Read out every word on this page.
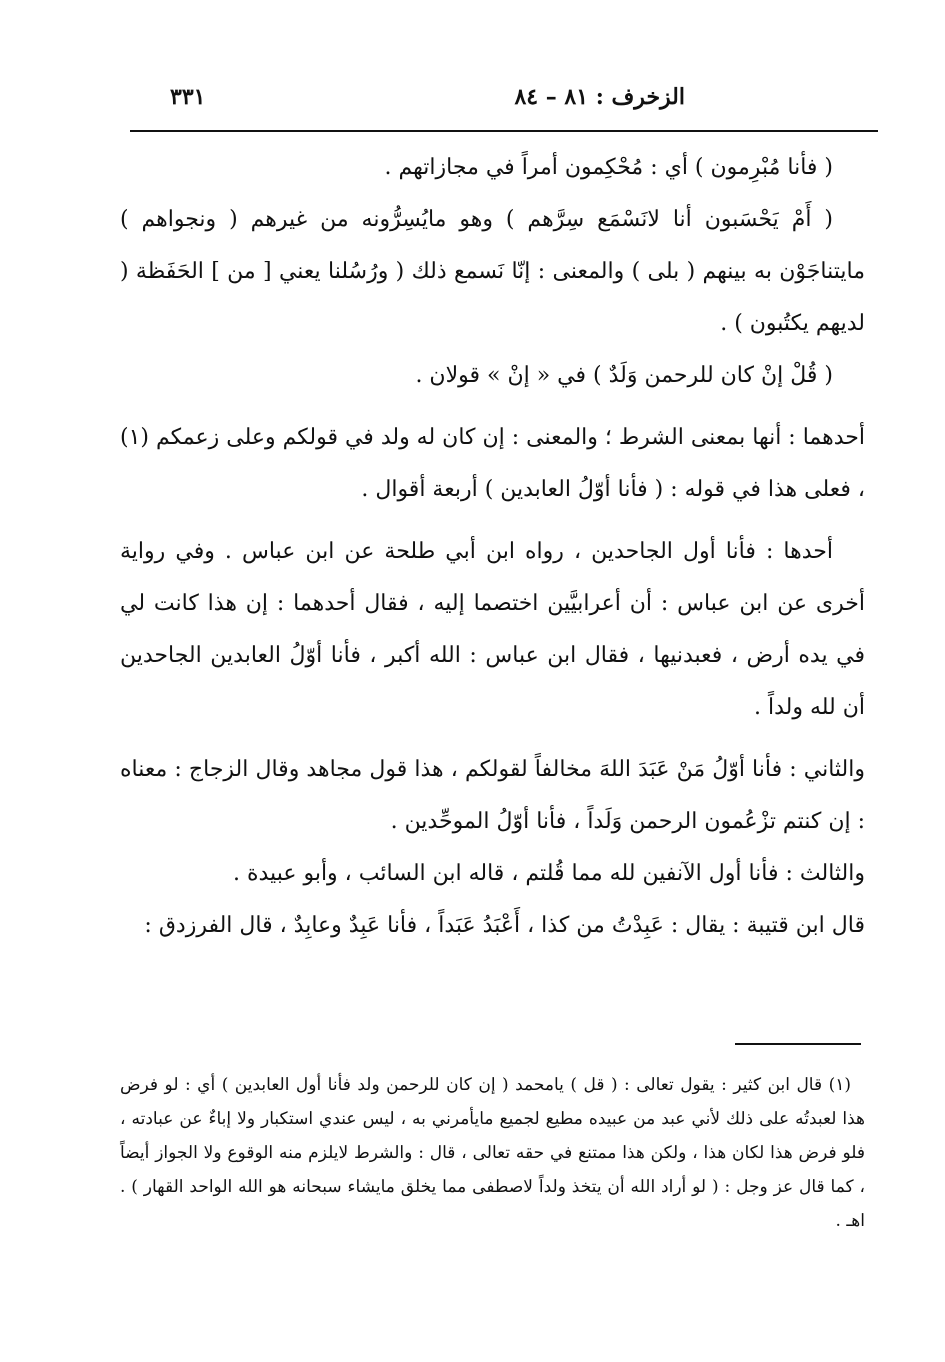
الزخرف : ٨١ – ٨٤
٣٣١

( فأنا مُبْرِمون ) أي : مُحْكِمون أمراً في مجازاتهم .

( أَمْ يَحْسَبون أنا لانَسْمَع سِرَّهم ) وهو مايُسِرُّونه من غيرهم ( ونجواهم ) مايتناجَوْن به بينهم ( بلى ) والمعنى : إنّا نَسمع ذلك ( ورُسُلنا يعني [ من ] الحَفَظة ( لديهم يكتُبون ) .

( قُلْ إنْ كان للرحمن وَلَدٌ ) في « إنْ » قولان .

أحدهما : أنها بمعنى الشرط ؛ والمعنى : إن كان له ولد في قولكم وعلى زعمكم (١) ، فعلى هذا في قوله : ( فأنا أوّلُ العابدين ) أربعة أقوال .

أحدها : فأنا أول الجاحدين ، رواه ابن أبي طلحة عن ابن عباس . وفي رواية أخرى عن ابن عباس : أن أعرابيَّين اختصما إليه ، فقال أحدهما : إن هذا كانت لي في يده أرض ، فعبدنيها ، فقال ابن عباس : الله أكبر ، فأنا أوّلُ العابدين الجاحدين أن لله ولداً .

والثاني : فأنا أوّلُ مَنْ عَبَدَ اللهَ مخالفاً لقولكم ، هذا قول مجاهد وقال الزجاج : معناه : إن كنتم تزْعُمون الرحمن وَلَداً ، فأنا أوّلُ الموحِّدين .

والثالث : فأنا أول الآنفين لله مما قُلتم ، قاله ابن السائب ، وأبو عبيدة .

قال ابن قتيبة : يقال : عَبِدْتُ من كذا ، أَعْبَدُ عَبَداً ، فأنا عَبِدٌ وعابِدٌ ، قال الفرزدق :

(١) قال ابن كثير : يقول تعالى : ( قل ) يامحمد ( إن كان للرحمن ولد فأنا أول العابدين ) أي : لو فرض هذا لعبدتُه على ذلك لأني عبد من عبيده مطيع لجميع مايأمرني به ، ليس عندي استكبار ولا إباءٌ عن عبادته ، فلو فرض هذا لكان هذا ، ولكن هذا ممتنع في حقه تعالى ، قال : والشرط لايلزم منه الوقوع ولا الجواز أيضاً ، كما قال عز وجل : ( لو أراد الله أن يتخذ ولداً لاصطفى مما يخلق مايشاء سبحانه هو الله الواحد القهار ) . اهـ .
